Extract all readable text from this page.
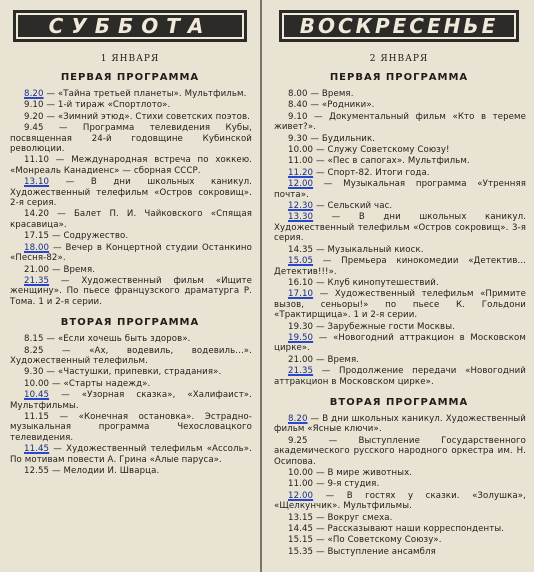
СУББОТА
1 ЯНВАРЯ
ПЕРВАЯ ПРОГРАММА
8.20 — «Тайна третьей планеты». Мультфильм.
9.10 — 1-й тираж «Спортлото».
9.20 — «Зимний этюд». Стихи советских поэтов.
9.45 — Программа телевидения Кубы, посвященная 24-й годовщине Кубинской революции.
11.10 — Международная встреча по хоккею. «Монреаль Канадиенс» — сборная СССР.
13.10 — В дни школьных каникул. Художественный телефильм «Остров сокровищ». 2-я серия.
14.20 — Балет П. И. Чайковского «Спящая красавица».
17.15 — Содружество.
18.00 — Вечер в Концертной студии Останкино «Песня-82».
21.00 — Время.
21.35 — Художественный фильм «Ищите женщину». По пьесе французского драматурга Р. Тома. 1 и 2-я серии.
ВТОРАЯ ПРОГРАММА
8.15 — «Если хочешь быть здоров».
8.25 — «Ах, водевиль, водевиль...». Художественный телефильм.
9.30 — «Частушки, припевки, страдания».
10.00 — «Старты надежд».
10.45 — «Узорная сказка», «Халифаист». Мультфильмы.
11.15 — «Конечная остановка». Эстрадно-музыкальная программа Чехословацкого телевидения.
11.45 — Художественный телефильм «Ассоль». По мотивам повести А. Грина «Алые паруса».
12.55 — Мелодии И. Шварца.
ВОСКРЕСЕНЬЕ
2 ЯНВАРЯ
ПЕРВАЯ ПРОГРАММА
8.00 — Время.
8.40 — «Родники».
9.10 — Документальный фильм «Кто в тереме живет?».
9.30 — Будильник.
10.00 — Служу Советскому Союзу!
11.00 — «Пес в сапогах». Мультфильм.
11.20 — Спорт-82. Итоги года.
12.00 — Музыкальная программа «Утренняя почта».
12.30 — Сельский час.
13.30 — В дни школьных каникул. Художественный телефильм «Остров сокровищ». 3-я серия.
14.35 — Музыкальный киоск.
15.05 — Премьера кинокомедии «Детектив... Детектив!!!».
16.10 — Клуб кинопутешествий.
17.10 — Художественный телефильм «Примите вызов, сеньоры!» по пьесе К. Гольдони «Трактирщица». 1 и 2-я серии.
19.30 — Зарубежные гости Москвы.
19.50 — «Новогодний аттракцион в Московском цирке».
21.00 — Время.
21.35 — Продолжение передачи «Новогодний аттракцион в Московском цирке».
ВТОРАЯ ПРОГРАММА
8.20 — В дни школьных каникул. Художественный фильм «Ясные ключи».
9.25 — Выступление Государственного академического русского народного оркестра им. Н. Осипова.
10.00 — В мире животных.
11.00 — 9-я студия.
12.00 — В гостях у сказки. «Золушка», «Щелкунчик». Мультфильмы.
13.15 — Вокруг смеха.
14.45 — Рассказывают наши корреспонденты.
15.15 — «По Советскому Союзу».
15.35 — Выступление ансамбля
